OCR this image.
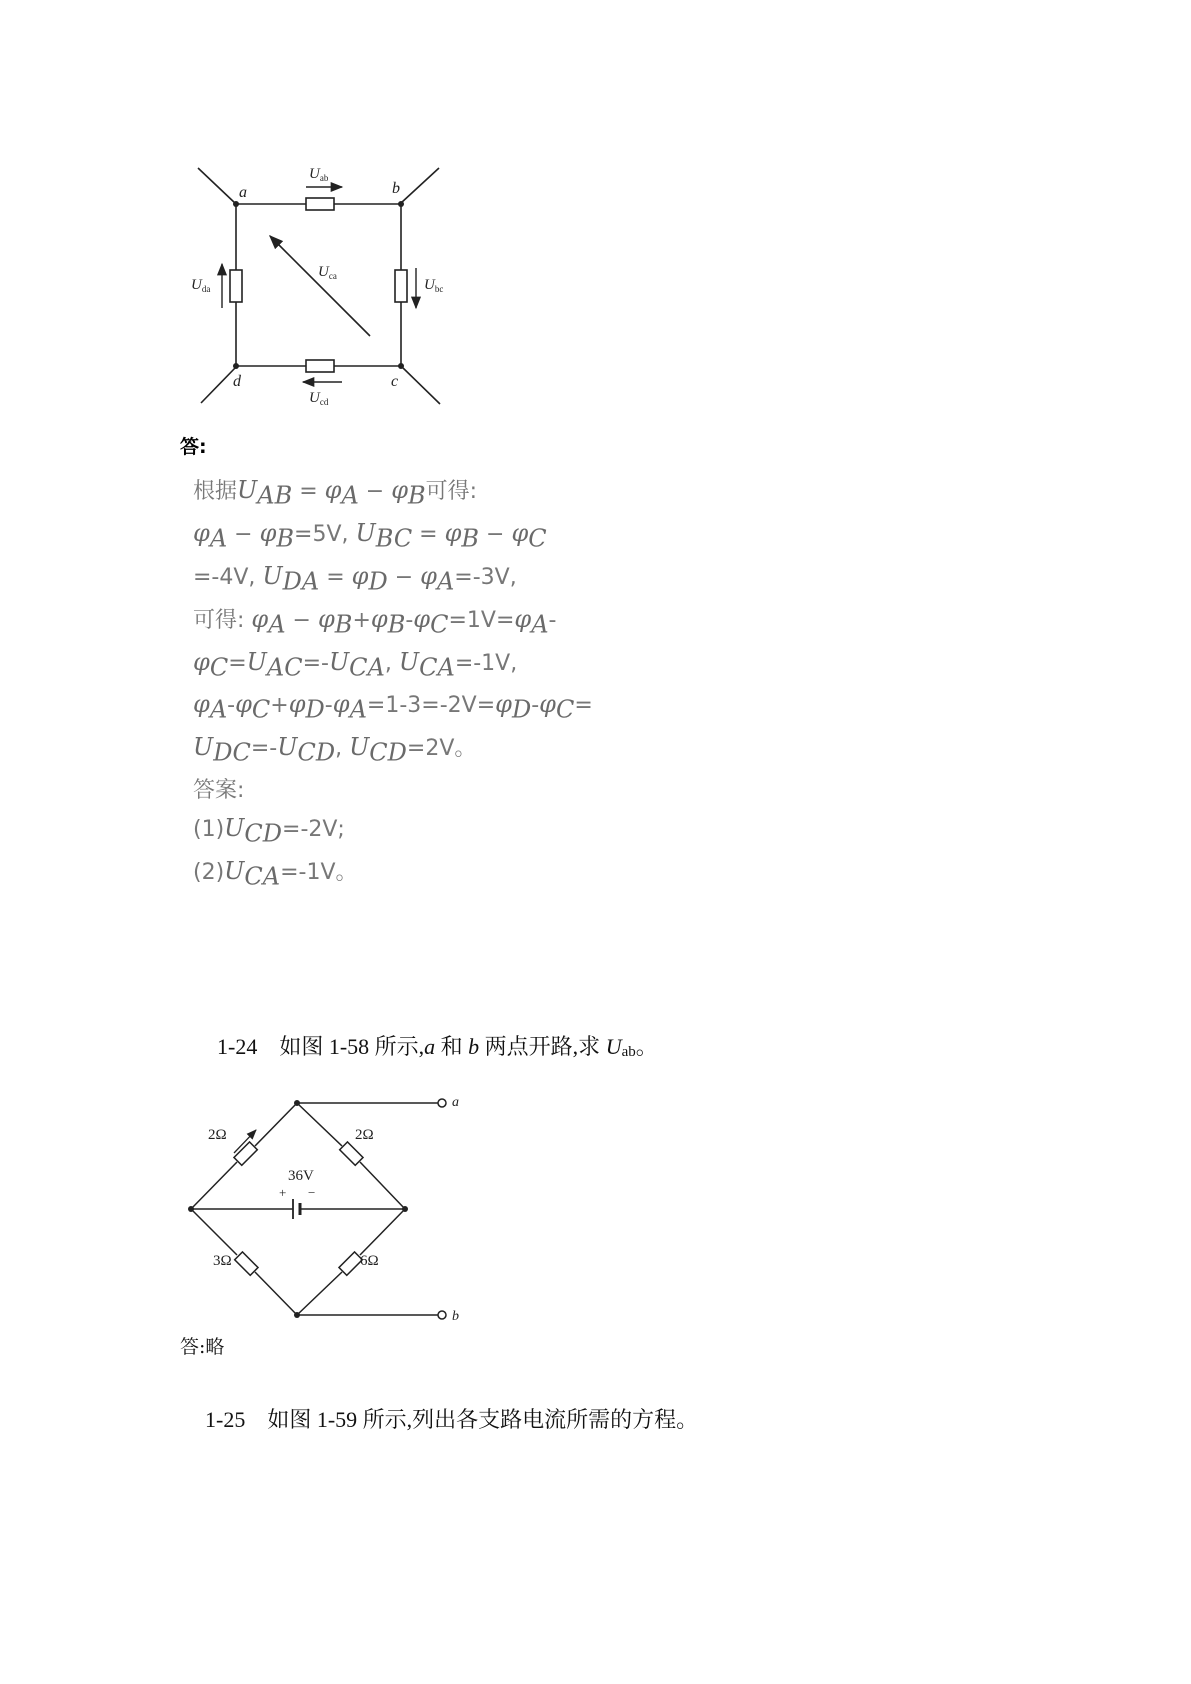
a	b
c
d
$U_{ab}$
$U_{bc}$
$U_{cd}$
$U_{da}$
$U_{ca}$
答:
根据$U_{AB} = \varphi_A - \varphi_B$可得:
$\varphi_A - \varphi_B=5V$, $U_{BC} = \varphi_B - \varphi_C$
=-4V, $U_{DA} = \varphi_D - \varphi_A=-3V$,
可得: $\varphi_A - \varphi_B+\varphi_B-\varphi_C=1V=\varphi_A-$
$\varphi_C=U_{AC}=-U_{CA}$, $U_{CA}=-1V$,
$\varphi_A-\varphi_C+\varphi_D-\varphi_A=1-3=-2V=\varphi_D-\varphi_C=$
$U_{DC}=-U_{CD}$, $U_{CD}=2V$。
答案:
$(1)U_{CD}=-2V$;
$(2)U_{CA}=-1V$。
1-24 如图 1-58 所示,a 和 b 两点开路,求 $U_{ab}$。
2Ω	2Ω
3Ω	6Ω
36V
+ −
a
b
答:略
1-25 如图 1-59 所示,列出各支路电流所需的方程。
